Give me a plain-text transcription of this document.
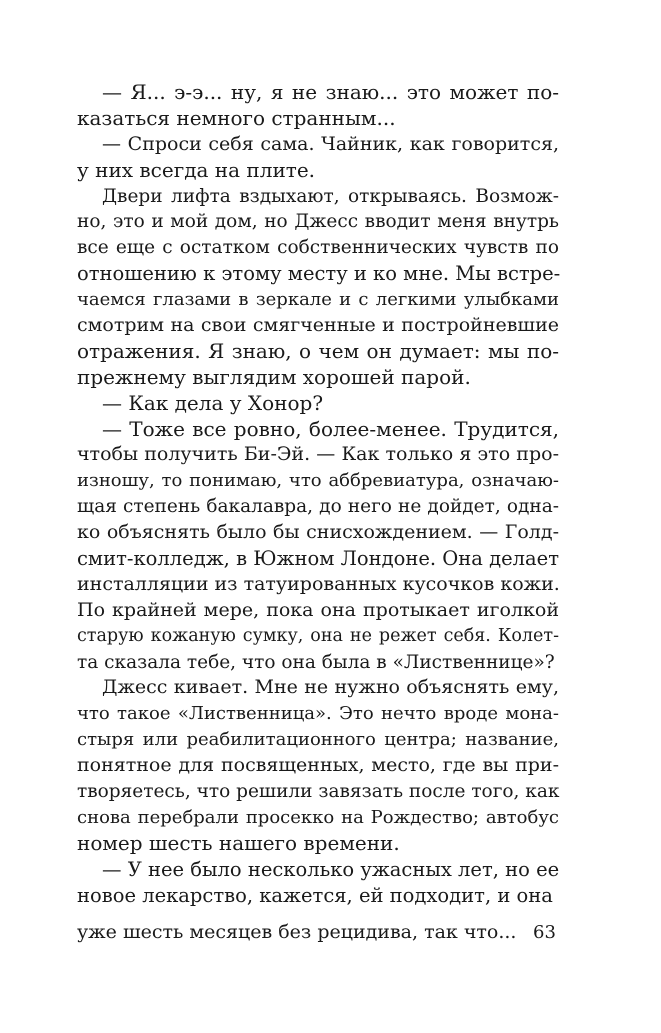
— Я... э-э... ну, я не знаю... это может по-
казаться немного странным...
— Спроси себя сама. Чайник, как говорится,
у них всегда на плите.
Двери лифта вздыхают, открываясь. Возмож-
но, это и мой дом, но Джесс вводит меня внутрь
все еще с остатком собственнических чувств по
отношению к этому месту и ко мне. Мы встре-
чаемся глазами в зеркале и с легкими улыбками
смотрим на свои смягченные и постройневшие
отражения. Я знаю, о чем он думает: мы по-
прежнему выглядим хорошей парой.
— Как дела у Хонор?
— Тоже все ровно, более-менее. Трудится,
чтобы получить Би-Эй. — Как только я это про-
изношу, то понимаю, что аббревиатура, означаю-
щая степень бакалавра, до него не дойдет, одна-
ко объяснять было бы снисхождением. — Голд-
смит-колледж, в Южном Лондоне. Она делает
инсталляции из татуированных кусочков кожи.
По крайней мере, пока она протыкает иголкой
старую кожаную сумку, она не режет себя. Колет-
та сказала тебе, что она была в «Лиственнице»?
Джесс кивает. Мне не нужно объяснять ему,
что такое «Лиственница». Это нечто вроде мона-
стыря или реабилитационного центра; название,
понятное для посвященных, место, где вы при-
творяетесь, что решили завязать после того, как
снова перебрали просекко на Рождество; автобус
номер шесть нашего времени.
— У нее было несколько ужасных лет, но ее
новое лекарство, кажется, ей подходит, и она
уже шесть месяцев без рецидива, так что... 63
